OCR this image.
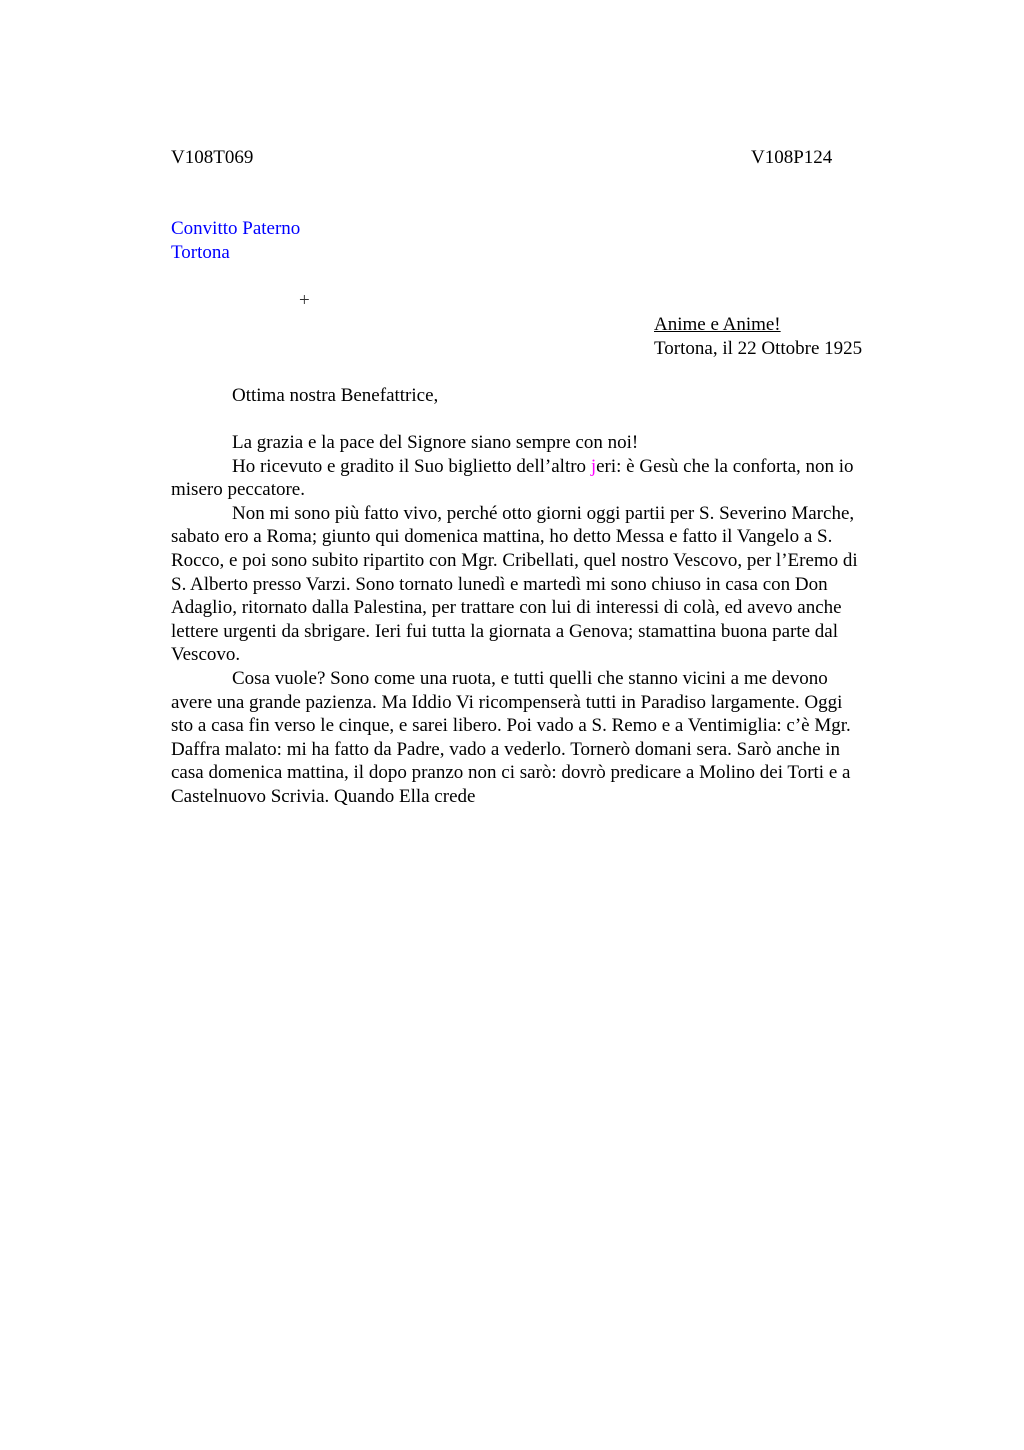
V108T069	V108P124
Convitto Paterno
Tortona
+
Anime e Anime!
Tortona, il 22 Ottobre 1925
Ottima nostra Benefattrice,
La grazia e la pace del Signore siano sempre con noi!
Ho ricevuto e gradito il Suo biglietto dell’altro jeri: è Gesù che la conforta, non io
misero peccatore.
Non mi sono più fatto vivo, perché otto giorni oggi partii per S. Severino Marche,
sabato ero a Roma; giunto qui domenica mattina, ho detto Messa e fatto il Vangelo a S.
Rocco, e poi sono subito ripartito con Mgr. Cribellati, quel nostro Vescovo, per l’Eremo di
S. Alberto presso Varzi. Sono tornato lunedì e martedì mi sono chiuso in casa con Don
Adaglio, ritornato dalla Palestina, per trattare con lui di interessi di colà, ed avevo anche
lettere urgenti da sbrigare. Ieri fui tutta la giornata a Genova; stamattina buona parte dal
Vescovo.
Cosa vuole? Sono come una ruota, e tutti quelli che stanno vicini a me devono
avere una grande pazienza. Ma Iddio Vi ricompenserà tutti in Paradiso largamente. Oggi
sto a casa fin verso le cinque, e sarei libero. Poi vado a S. Remo e a Ventimiglia: c’è Mgr.
Daffra malato: mi ha fatto da Padre, vado a vederlo. Tornerò domani sera. Sarò anche in
casa domenica mattina, il dopo pranzo non ci sarò: dovrò predicare a Molino dei Torti e a
Castelnuovo Scrivia. Quando Ella crede
